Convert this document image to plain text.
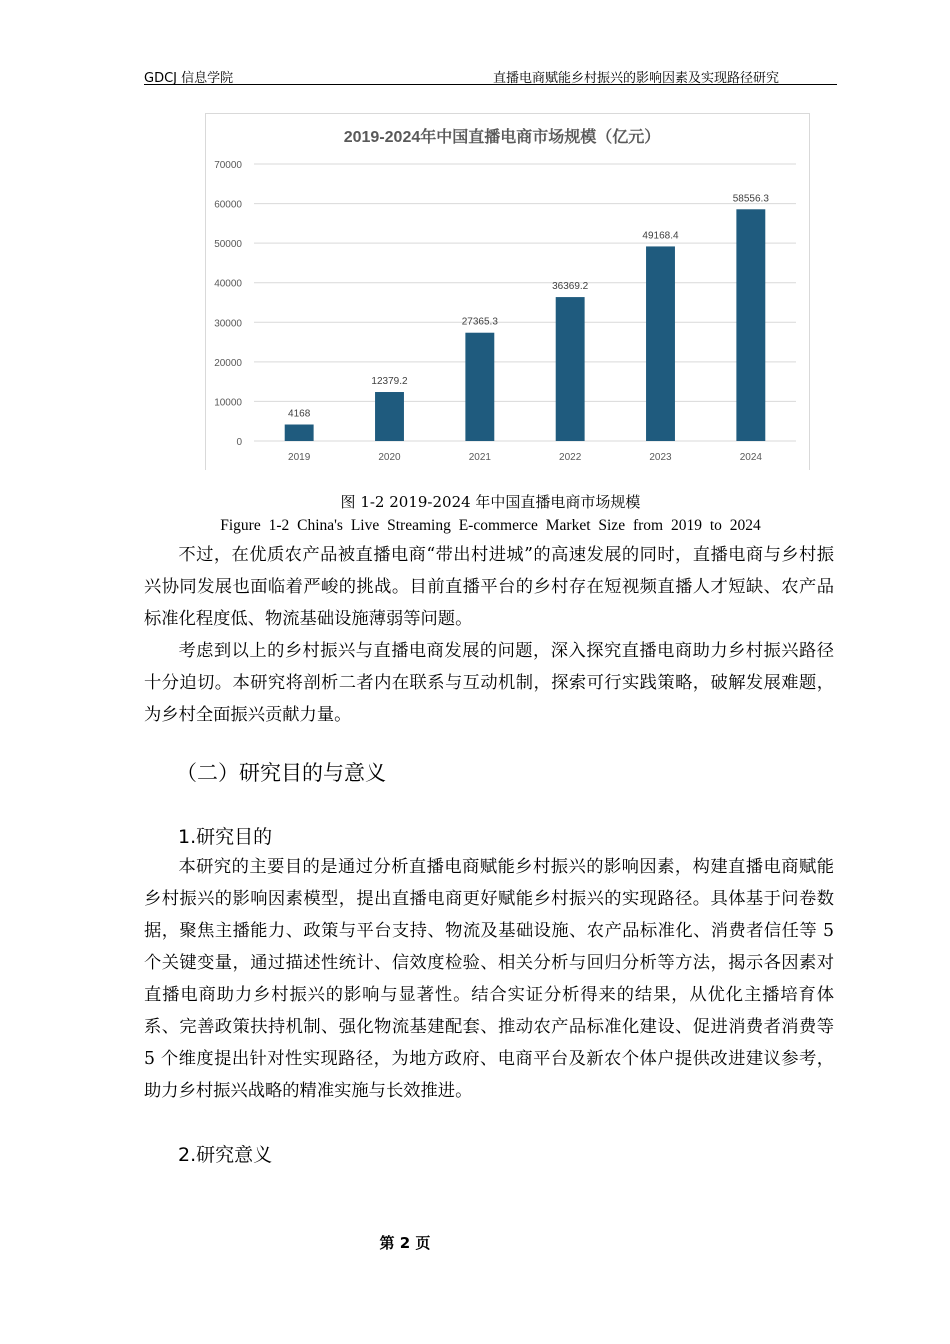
GDCJ 信息学院	直播电商赋能乡村振兴的影响因素及实现路径研究
2019-2024年中国直播电商市场规模（亿元）
0
10000
20000
30000
40000
50000
60000
70000
4168
2019
12379.2
2020
27365.3
2021
36369.2
2022
49168.4
2023
58556.3
2024
图 1-2 2019-2024 年中国直播电商市场规模
Figure 1-2 China's Live Streaming E-commerce Market Size from 2019 to 2024

不过，在优质农产品被直播电商“带出村进城”的高速发展的同时，直播电商与乡村振兴协同发展也面临着严峻的挑战。目前直播平台的乡村存在短视频直播人才短缺、农产品标准化程度低、物流基础设施薄弱等问题。

考虑到以上的乡村振兴与直播电商发展的问题，深入探究直播电商助力乡村振兴路径十分迫切。本研究将剖析二者内在联系与互动机制，探索可行实践策略，破解发展难题，为乡村全面振兴贡献力量。

（二）研究目的与意义
1.研究目的

本研究的主要目的是通过分析直播电商赋能乡村振兴的影响因素，构建直播电商赋能乡村振兴的影响因素模型，提出直播电商更好赋能乡村振兴的实现路径。具体基于问卷数据，聚焦主播能力、政策与平台支持、物流及基础设施、农产品标准化、消费者信任等 5 个关键变量，通过描述性统计、信效度检验、相关分析与回归分析等方法，揭示各因素对直播电商助力乡村振兴的影响与显著性。结合实证分析得来的结果，从优化主播培育体系、完善政策扶持机制、强化物流基建配套、推动农产品标准化建设、促进消费者消费等 5 个维度提出针对性实现路径，为地方政府、电商平台及新农个体户提供改进建议参考，助力乡村振兴战略的精准实施与长效推进。

2.研究意义
第 2 页
